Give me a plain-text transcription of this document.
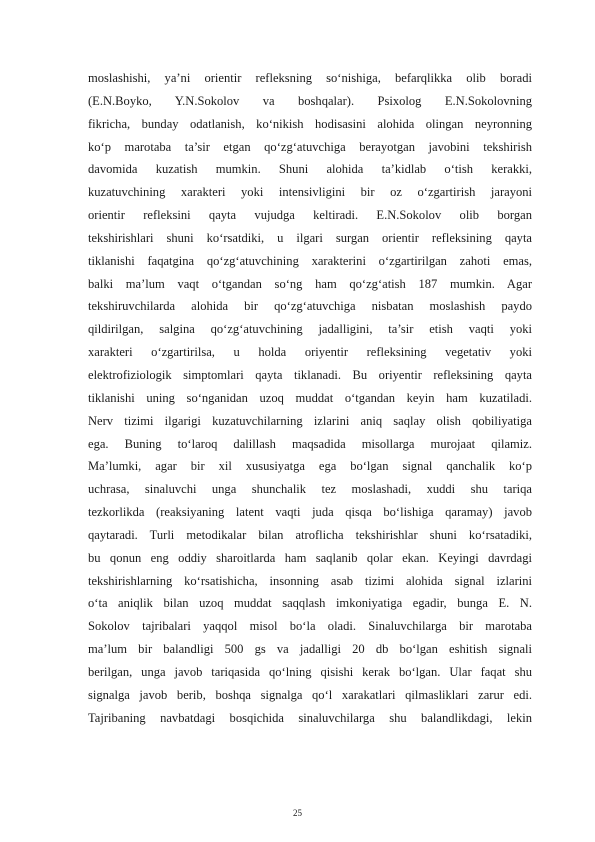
moslashishi, ya’ni orientir refleksning so‘nishiga, befarqlikka olib boradi
(E.N.Boyko, Y.N.Sokolov va boshqalar). Psixolog E.N.Sokolovning
fikricha, bunday odatlanish, ko‘nikish hodisasini alohida olingan neyronning
ko‘p marotaba ta’sir etgan qo‘zg‘atuvchiga berayotgan javobini tekshirish
davomida kuzatish mumkin. Shuni alohida ta’kidlab o‘tish kerakki,
kuzatuvchining xarakteri yoki intensivligini bir oz o‘zgartirish jarayoni
orientir refleksini qayta vujudga keltiradi. E.N.Sokolov olib borgan
tekshirishlari shuni ko‘rsatdiki, u ilgari surgan orientir refleksining qayta
tiklanishi faqatgina qo‘zg‘atuvchining xarakterini o‘zgartirilgan zahoti emas,
balki ma’lum vaqt o‘tgandan so‘ng ham qo‘zg‘atish 187 mumkin. Agar
tekshiruvchilarda alohida bir qo‘zg‘atuvchiga nisbatan moslashish paydo
qildirilgan, salgina qo‘zg‘atuvchining jadalligini, ta’sir etish vaqti yoki
xarakteri o‘zgartirilsa, u holda oriyentir refleksining vegetativ yoki
elektrofiziologik simptomlari qayta tiklanadi. Bu oriyentir refleksining qayta
tiklanishi uning so‘nganidan uzoq muddat o‘tgandan keyin ham kuzatiladi.
Nerv tizimi ilgarigi kuzatuvchilarning izlarini aniq saqlay olish qobiliyatiga
ega. Buning to‘laroq dalillash maqsadida misollarga murojaat qilamiz.
Ma’lumki, agar bir xil xususiyatga ega bo‘lgan signal qanchalik ko‘p
uchrasa, sinaluvchi unga shunchalik tez moslashadi, xuddi shu tariqa
tezkorlikda (reaksiyaning latent vaqti juda qisqa bo‘lishiga qaramay) javob
qaytaradi. Turli metodikalar bilan atroflicha tekshirishlar shuni ko‘rsatadiki,
bu qonun eng oddiy sharoitlarda ham saqlanib qolar ekan. Keyingi davrdagi
tekshirishlarning ko‘rsatishicha, insonning asab tizimi alohida signal izlarini
o‘ta aniqlik bilan uzoq muddat saqqlash imkoniyatiga egadir, bunga E. N.
Sokolov tajribalari yaqqol misol bo‘la oladi. Sinaluvchilarga bir marotaba
ma’lum bir balandligi 500 gs va jadalligi 20 db bo‘lgan eshitish signali
berilgan, unga javob tariqasida qo‘lning qisishi kerak bo‘lgan. Ular faqat shu
signalga javob berib, boshqa signalga qo‘l xarakatlari qilmasliklari zarur edi.
Tajribaning navbatdagi bosqichida sinaluvchilarga shu balandlikdagi, lekin
25
